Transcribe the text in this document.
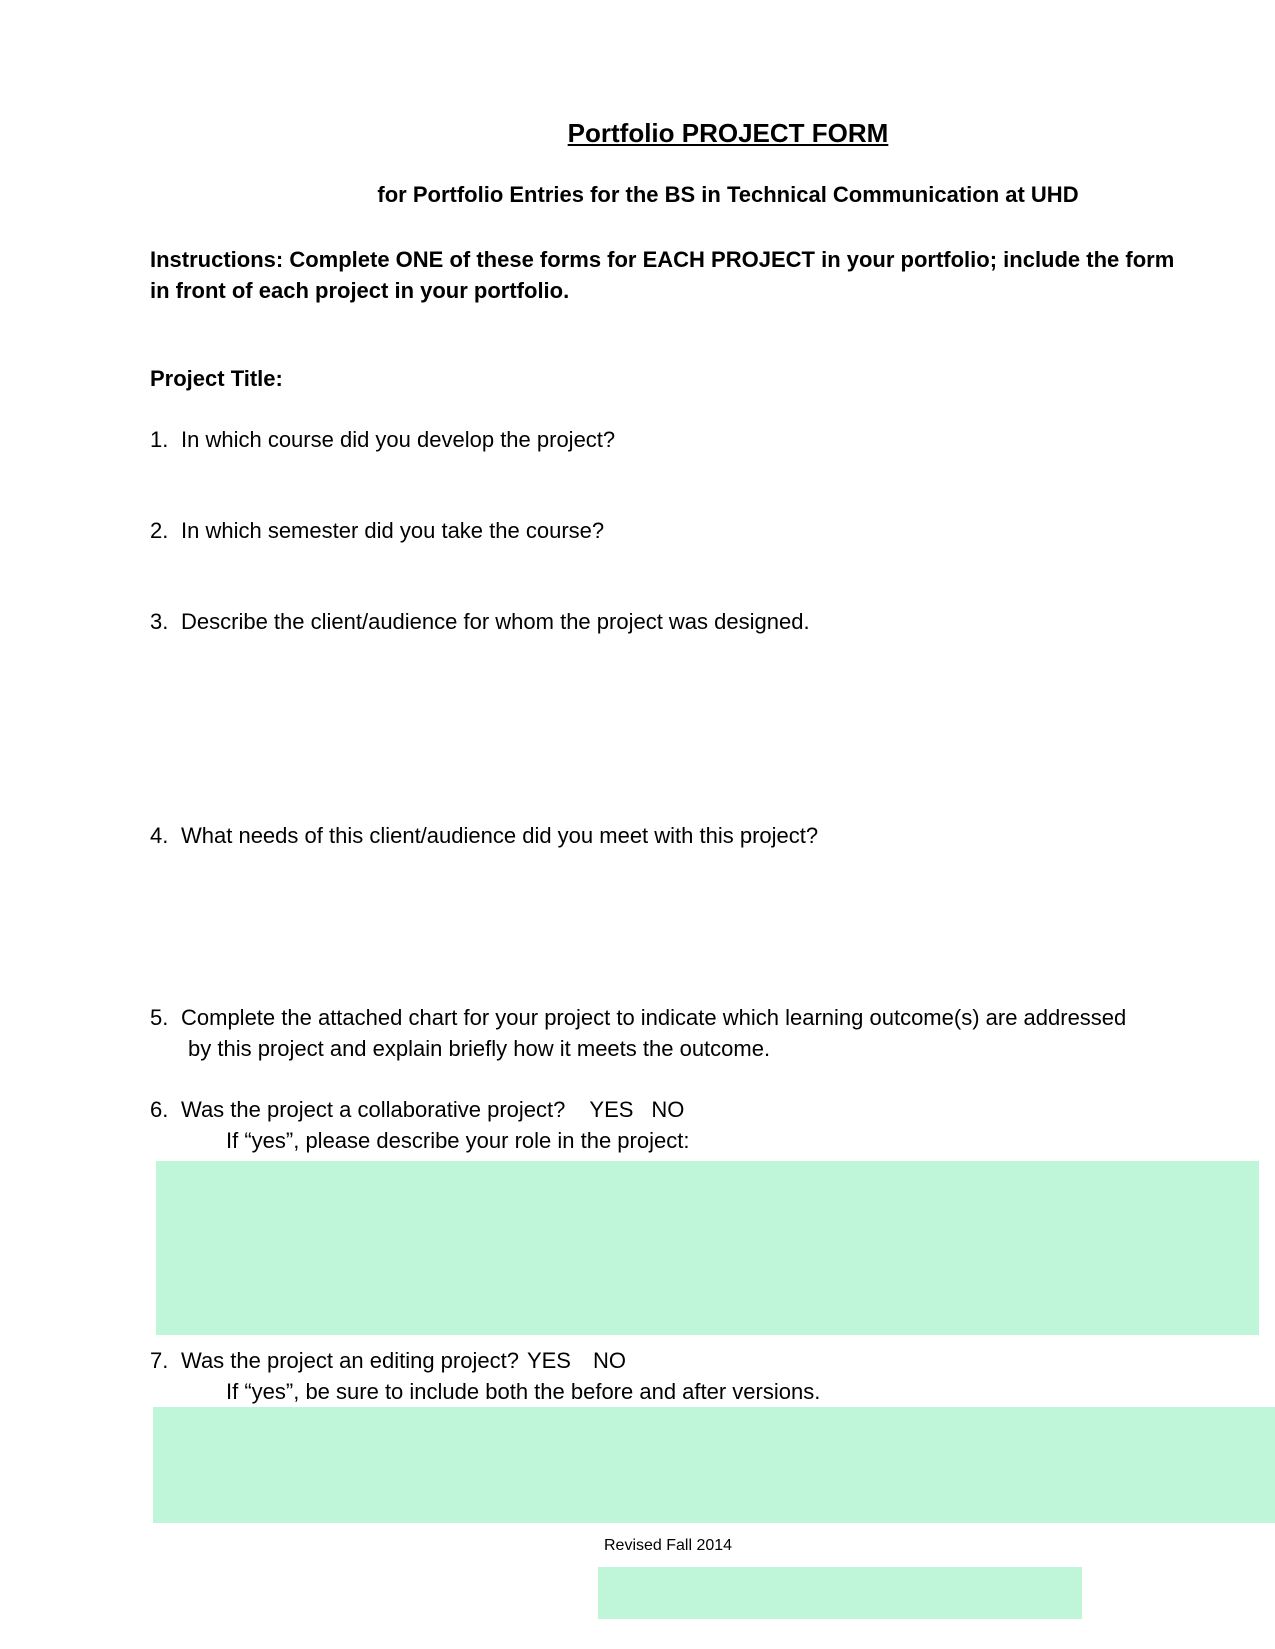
Portfolio PROJECT FORM
for Portfolio Entries for the BS in Technical Communication at UHD
Instructions: Complete ONE of these forms for EACH PROJECT in your portfolio; include the form in front of each project in your portfolio.
Project Title:
1. In which course did you develop the project?
2. In which semester did you take the course?
3. Describe the client/audience for whom the project was designed.
4. What needs of this client/audience did you meet with this project?
5. Complete the attached chart for your project to indicate which learning outcome(s) are addressed
by this project and explain briefly how it meets the outcome.
6. Was the project a collaborative project? YES NO
If “yes”, please describe your role in the project:
7. Was the project an editing project? YES NO
If “yes”, be sure to include both the before and after versions.
Revised Fall 2014
